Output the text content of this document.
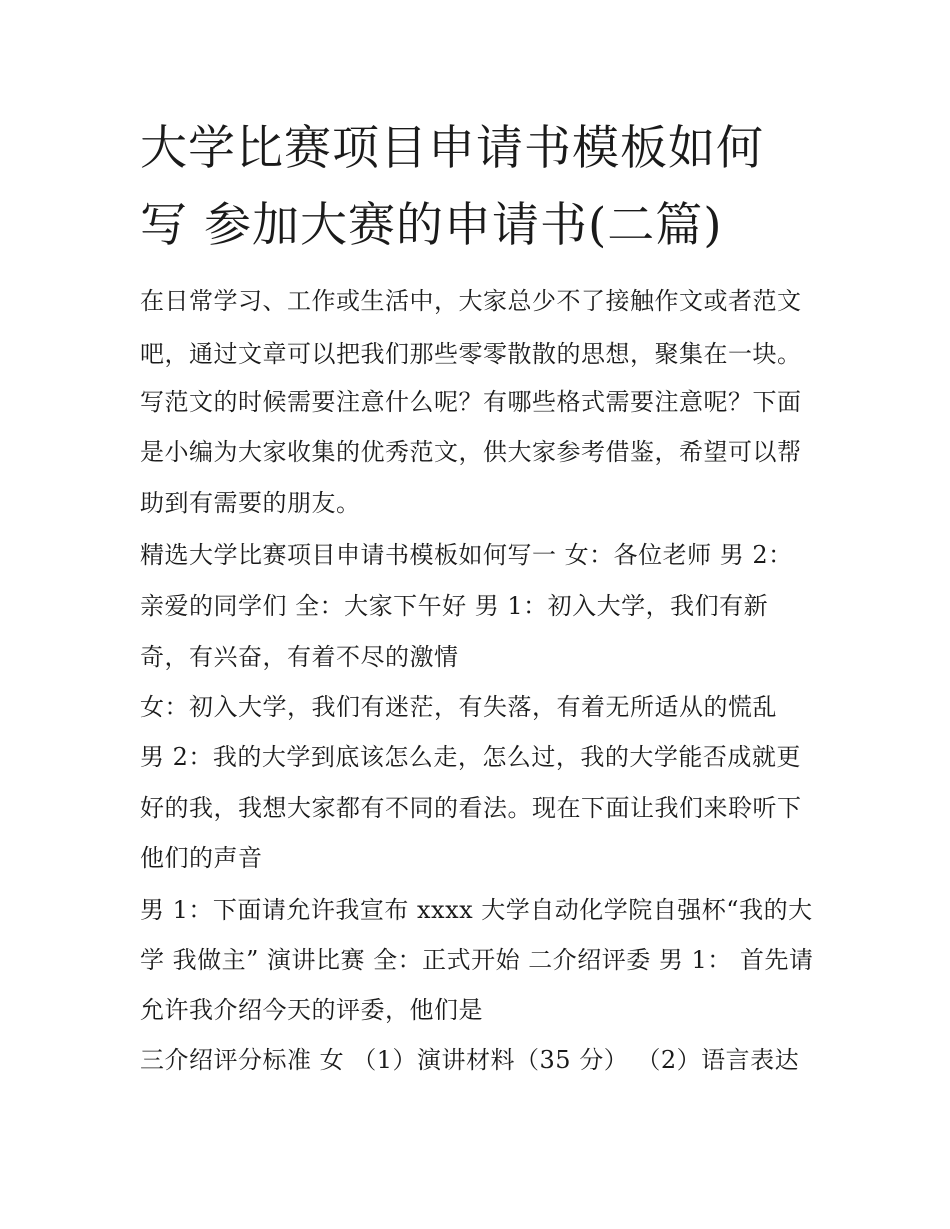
大学比赛项目申请书模板如何
写 参加大赛的申请书(二篇)
在日常学习、工作或生活中，大家总少不了接触作文或者范文
吧，通过文章可以把我们那些零零散散的思想，聚集在一块。
写范文的时候需要注意什么呢？有哪些格式需要注意呢？下面
是小编为大家收集的优秀范文，供大家参考借鉴，希望可以帮
助到有需要的朋友。
精选大学比赛项目申请书模板如何写一 女：各位老师 男 2：
亲爱的同学们 全：大家下午好 男 1：初入大学，我们有新
奇，有兴奋，有着不尽的激情
女：初入大学，我们有迷茫，有失落，有着无所适从的慌乱
男 2：我的大学到底该怎么走，怎么过，我的大学能否成就更
好的我，我想大家都有不同的看法。现在下面让我们来聆听下
他们的声音
男 1：下面请允许我宣布 xxxx 大学自动化学院自强杯“我的大
学 我做主” 演讲比赛 全：正式开始 二介绍评委 男 1： 首先请
允许我介绍今天的评委，他们是
三介绍评分标准 女 （1）演讲材料（35 分） （2）语言表达
